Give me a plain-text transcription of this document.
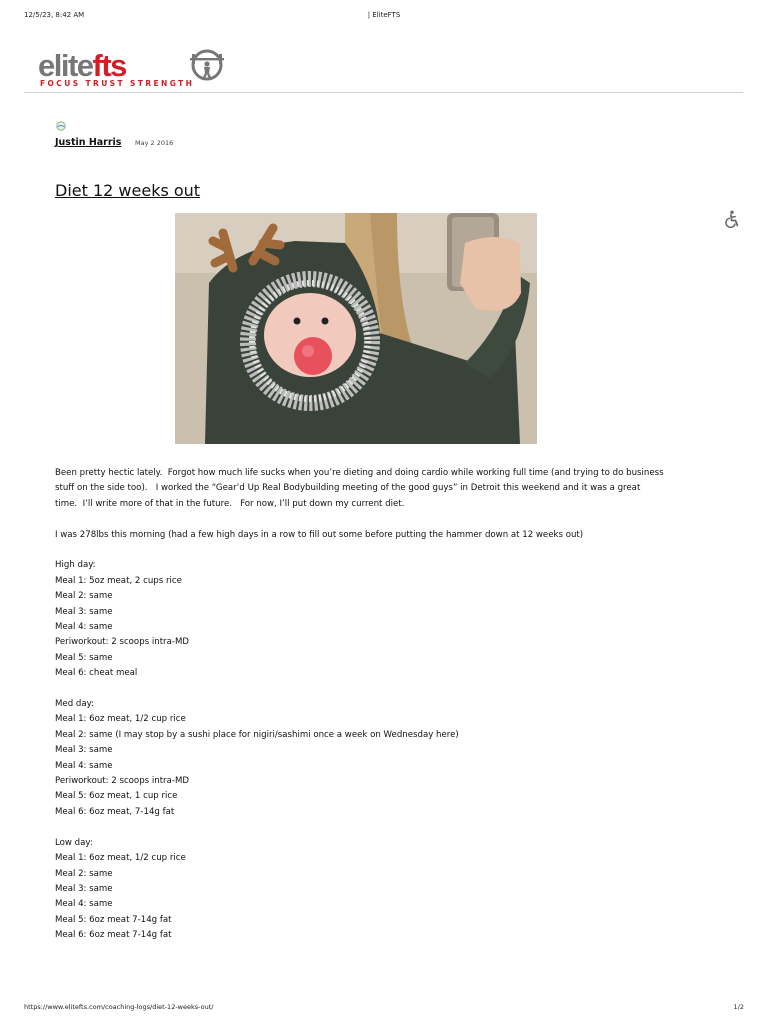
12/5/23, 8:42 AM	| EliteFTS
elitefts
FOCUS TRUST STRENGTH
Justin Harris May 2 2016
Diet 12 weeks out

Been pretty hectic lately.  Forgot how much life sucks when you’re dieting and doing cardio while working full time (and trying to do business stuff on the side too).   I worked the “Gear’d Up Real Bodybuilding meeting of the good guys” in Detroit this weekend and it was a great time.  I’ll write more of that in the future.   For now, I’ll put down my current diet.

I was 278lbs this morning (had a few high days in a row to fill out some before putting the hammer down at 12 weeks out)

High day:
Meal 1: 5oz meat, 2 cups rice
Meal 2: same
Meal 3: same
Meal 4: same
Periworkout: 2 scoops intra-MD
Meal 5: same
Meal 6: cheat meal
Med day:
Meal 1: 6oz meat, 1/2 cup rice
Meal 2: same (I may stop by a sushi place for nigiri/sashimi once a week on Wednesday here)
Meal 3: same
Meal 4: same
Periworkout: 2 scoops intra-MD
Meal 5: 6oz meat, 1 cup rice
Meal 6: 6oz meat, 7-14g fat
Low day:
Meal 1: 6oz meat, 1/2 cup rice
Meal 2: same
Meal 3: same
Meal 4: same
Meal 5: 6oz meat 7-14g fat
Meal 6: 6oz meat 7-14g fat
https://www.elitefts.com/coaching-logs/diet-12-weeks-out/	1/2
